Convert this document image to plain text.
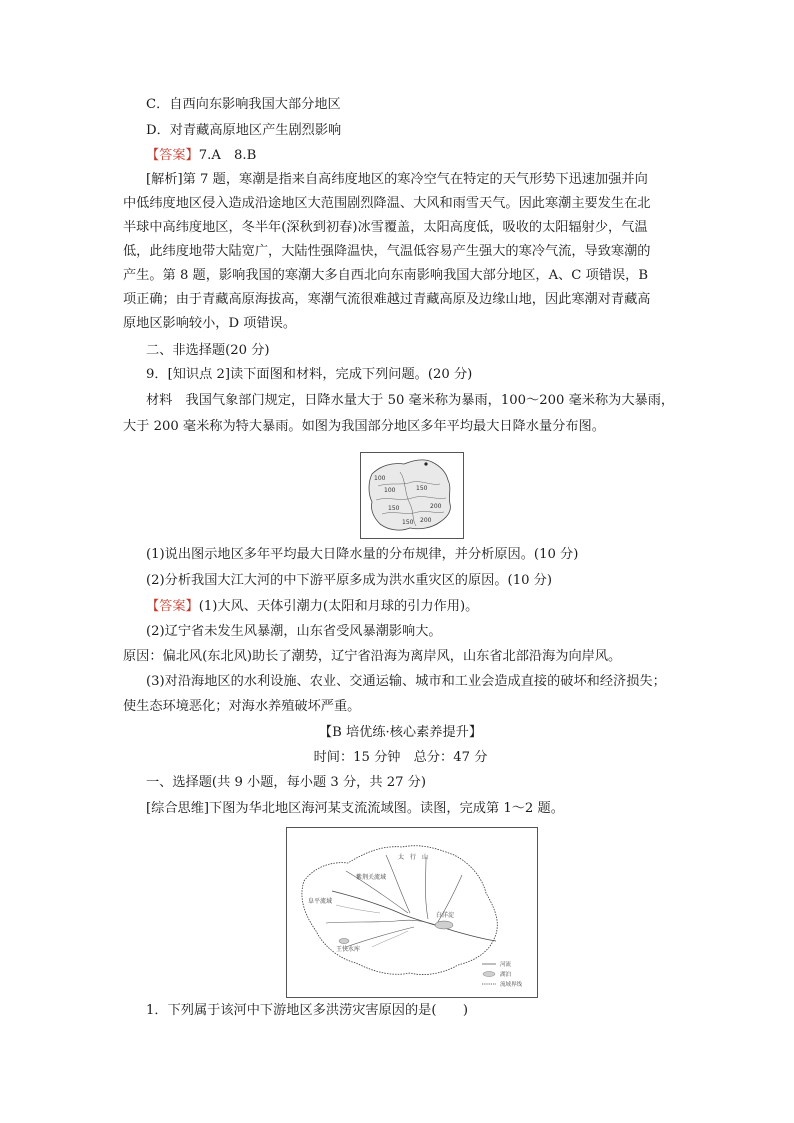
C．自西向东影响我国大部分地区
D．对青藏高原地区产生剧烈影响
【答案】7.A　8.B
[解析]第 7 题，寒潮是指来自高纬度地区的寒冷空气在特定的天气形势下迅速加强并向
中低纬度地区侵入造成沿途地区大范围剧烈降温、大风和雨雪天气。因此寒潮主要发生在北
半球中高纬度地区，冬半年(深秋到初春)冰雪覆盖，太阳高度低，吸收的太阳辐射少，气温
低，此纬度地带大陆宽广，大陆性强降温快，气温低容易产生强大的寒冷气流，导致寒潮的
产生。第 8 题，影响我国的寒潮大多自西北向东南影响我国大部分地区，A、C 项错误，B
项正确；由于青藏高原海拔高，寒潮气流很难越过青藏高原及边缘山地，因此寒潮对青藏高
原地区影响较小，D 项错误。
二、非选择题(20 分)
9．[知识点 2]读下面图和材料，完成下列问题。(20 分)
材料　我国气象部门规定，日降水量大于 50 毫米称为暴雨，100～200 毫米称为大暴雨，
大于 200 毫米称为特大暴雨。如图为我国部分地区多年平均最大日降水量分布图。
100	150
200
150
100
200
150
(1)说出图示地区多年平均最大日降水量的分布规律，并分析原因。(10 分)
(2)分析我国大江大河的中下游平原多成为洪水重灾区的原因。(10 分)
【答案】(1)大风、天体引潮力(太阳和月球的引力作用)。
(2)辽宁省未发生风暴潮，山东省受风暴潮影响大。
原因：偏北风(东北风)助长了潮势，辽宁省沿海为离岸风，山东省北部沿海为向岸风。
(3)对沿海地区的水利设施、农业、交通运输、城市和工业会造成直接的破坏和经济损失；
使生态环境恶化；对海水养殖破坏严重。
【B 培优练·核心素养提升】
时间：15 分钟　总分：47 分
一、选择题(共 9 小题，每小题 3 分，共 27 分)
[综合思维]下图为华北地区海河某支流流域图。读图，完成第 1～2 题。
紫荆关流域
阜平流域
白洋淀
王快水库
太　行　山
河流
湖泊
流域界线
1．下列属于该河中下游地区多洪涝灾害原因的是(　　)
